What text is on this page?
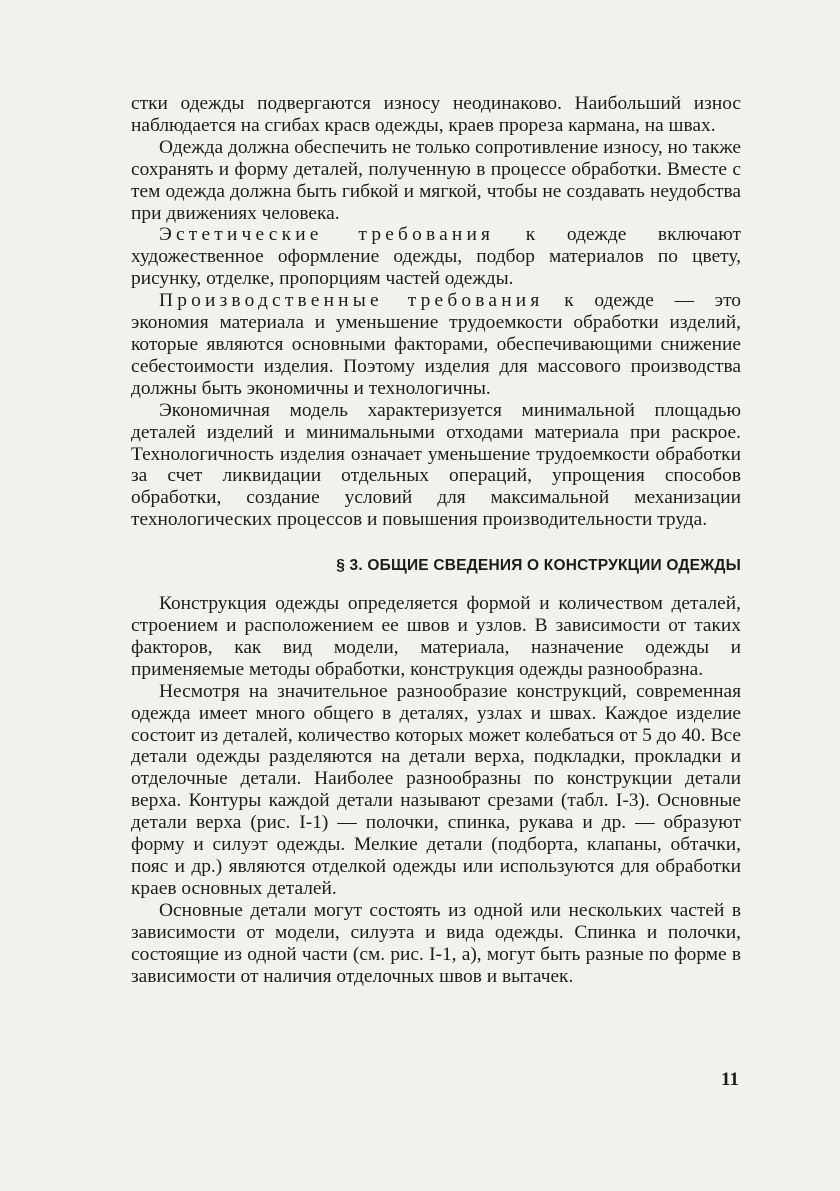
стки одежды подвергаются износу неодинаково. Наибольший износ наблюдается на сгибах красв одежды, краев прореза кармана, на швах.

Одежда должна обеспечить не только сопротивление износу, но также сохранять и форму деталей, полученную в процессе обработки. Вместе с тем одежда должна быть гибкой и мягкой, чтобы не создавать неудобства при движениях человека.

Эстетические требования к одежде включают художественное оформление одежды, подбор материалов по цвету, рисунку, отделке, пропорциям частей одежды.

Производственные требования к одежде — это экономия материала и уменьшение трудоемкости обработки изделий, которые являются основными факторами, обеспечивающими снижение себестоимости изделия. Поэтому изделия для массового производства должны быть экономичны и технологичны.

Экономичная модель характеризуется минимальной площадью деталей изделий и минимальными отходами материала при раскрое. Технологичность изделия означает уменьшение трудоемкости обработки за счет ликвидации отдельных операций, упрощения способов обработки, создание условий для максимальной механизации технологических процессов и повышения производительности труда.

§ 3. ОБЩИЕ СВЕДЕНИЯ О КОНСТРУКЦИИ ОДЕЖДЫ

Конструкция одежды определяется формой и количеством деталей, строением и расположением ее швов и узлов. В зависимости от таких факторов, как вид модели, материала, назначение одежды и применяемые методы обработки, конструкция одежды разнообразна.

Несмотря на значительное разнообразие конструкций, современная одежда имеет много общего в деталях, узлах и швах. Каждое изделие состоит из деталей, количество которых может колебаться от 5 до 40. Все детали одежды разделяются на детали верха, подкладки, прокладки и отделочные детали. Наиболее разнообразны по конструкции детали верха. Контуры каждой детали называют срезами (табл. I-3). Основные детали верха (рис. I-1) — полочки, спинка, рукава и др. — образуют форму и силуэт одежды. Мелкие детали (подборта, клапаны, обтачки, пояс и др.) являются отделкой одежды или используются для обработки краев основных деталей.

Основные детали могут состоять из одной или нескольких частей в зависимости от модели, силуэта и вида одежды. Спинка и полочки, состоящие из одной части (см. рис. I-1, а), могут быть разные по форме в зависимости от наличия отделочных швов и вытачек.

11
